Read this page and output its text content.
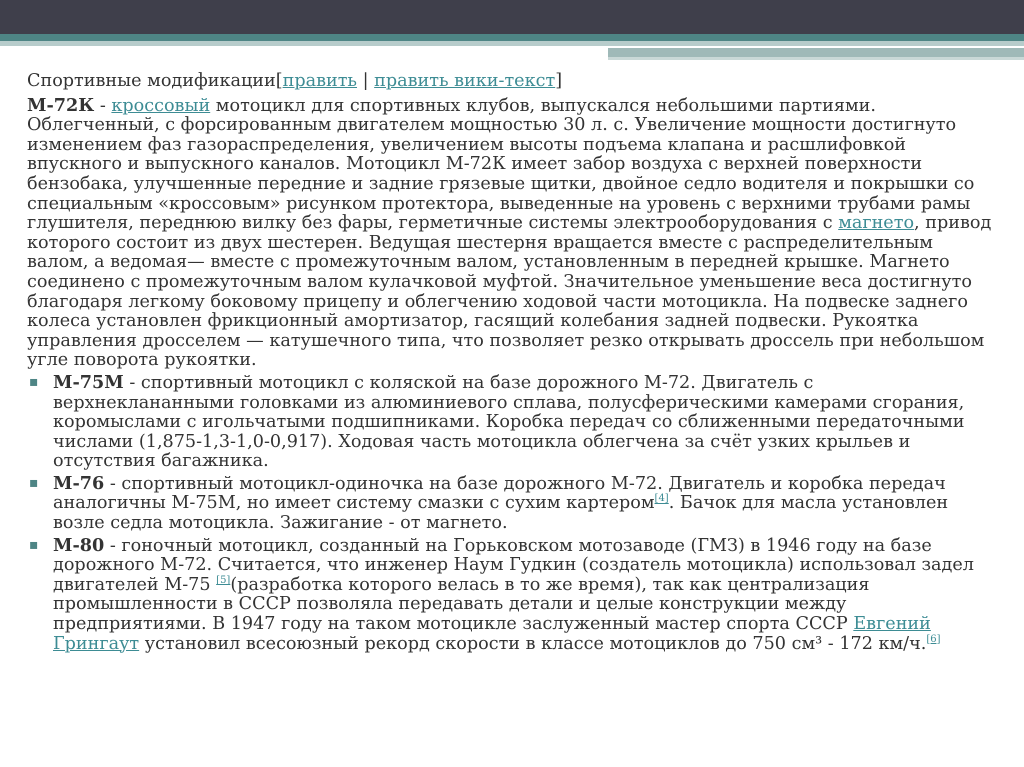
Спортивные модификации[править | править вики-текст]

М-72К - кроссовый мотоцикл для спортивных клубов, выпускался небольшими партиями. Облегченный, с форсированным двигателем мощностью 30 л. с. Увеличение мощности достигнуто изменением фаз газораспределения, увеличением высоты подъема клапана и расшлифовкой впускного и выпускного каналов. Мотоцикл М-72К имеет забор воздуха с верхней поверхности бензобака, улучшенные передние и задние грязевые щитки, двойное седло водителя и покрышки со специальным «кроссовым» рисунком протектора, выведенные на уровень с верхними трубами рамы глушителя, переднюю вилку без фары, герметичные системы электрооборудования с магнето, привод которого состоит из двух шестерен. Ведущая шестерня вращается вместе с распределительным валом, а ведомая— вместе с промежуточным валом, установленным в передней крышке. Магнето соединено с промежуточным валом кулачковой муфтой. Значительное уменьшение веса достигнуто благодаря легкому боковому прицепу и облегчению ходовой части мотоцикла. На подвеске заднего колеса установлен фрикционный амортизатор, гасящий колебания задней подвески. Рукоятка управления дросселем — катушечного типа, что позволяет резко открывать дроссель при небольшом угле поворота рукоятки.

▪ М-75М - спортивный мотоцикл с коляской на базе дорожного М-72. Двигатель с верхнеклананными головками из алюминиевого сплава, полусферическими камерами сгорания, коромыслами с игольчатыми подшипниками. Коробка передач со сближенными передаточными числами (1,875-1,3-1,0-0,917). Ходовая часть мотоцикла облегчена за счёт узких крыльев и отсутствия багажника.
▪ М-76 - спортивный мотоцикл-одиночка на базе дорожного М-72. Двигатель и коробка передач аналогичны М-75М, но имеет систему смазки с сухим картером[4]. Бачок для масла установлен возле седла мотоцикла. Зажигание - от магнето.
▪ М-80 - гоночный мотоцикл, созданный на Горьковском мотозаводе (ГМЗ) в 1946 году на базе дорожного М-72. Считается, что инженер Наум Гудкин (создатель мотоцикла) использовал задел двигателей М-75 [5](разработка которого велась в то же время), так как централизация промышленности в СССР позволяла передавать детали и целые конструкции между предприятиями. В 1947 году на таком мотоцикле заслуженный мастер спорта СССР Евгений Грингаут установил всесоюзный рекорд скорости в классе мотоциклов до 750 см³ - 172 км/ч.[6]
